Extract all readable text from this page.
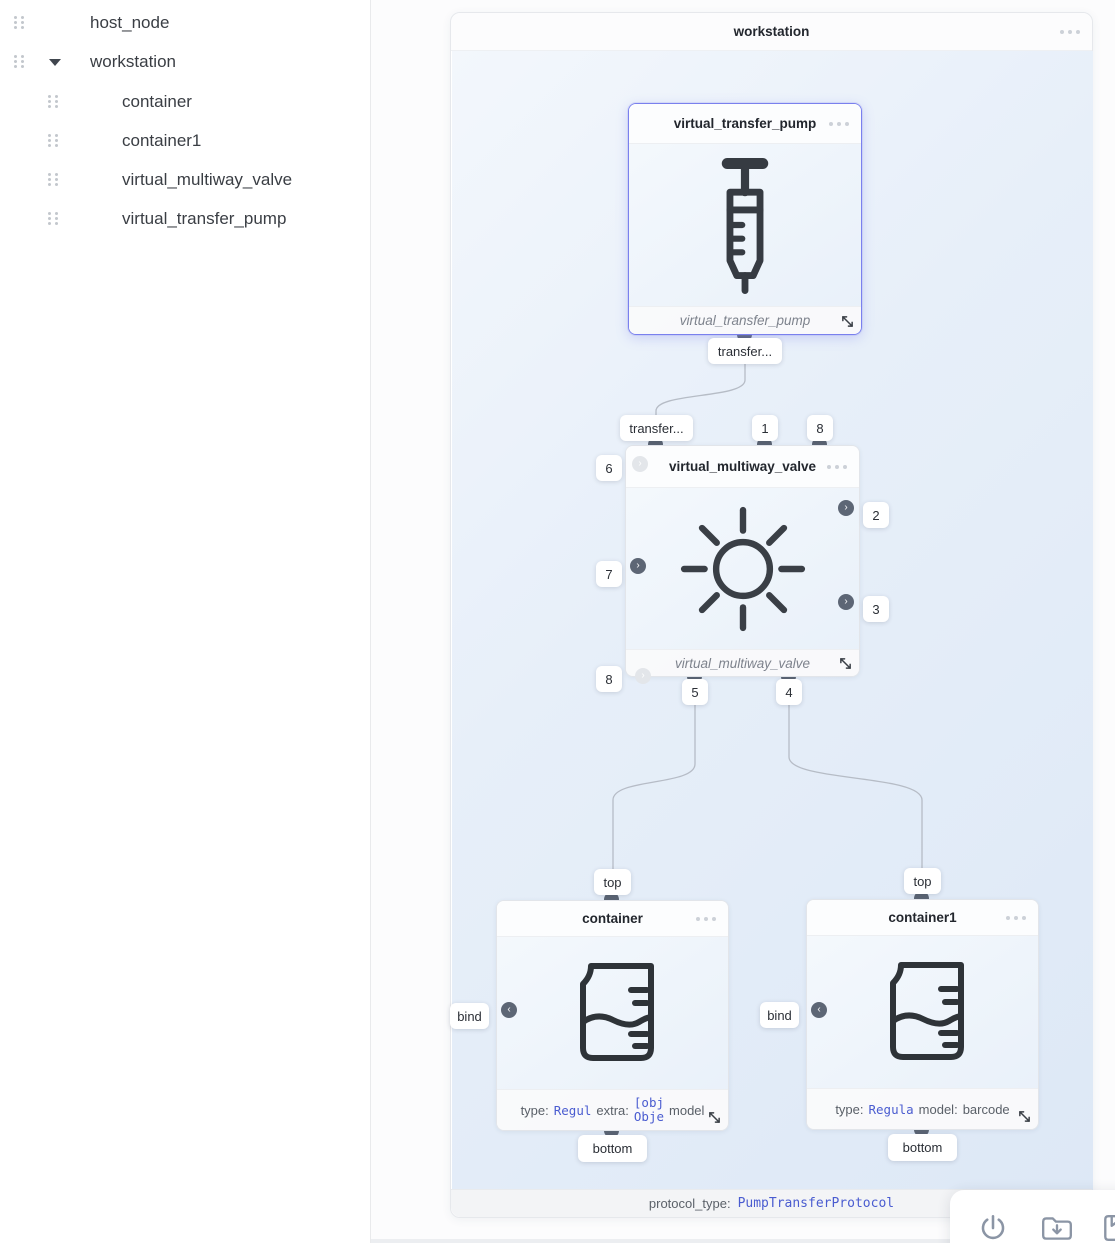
host_node
workstation
container
container1
virtual_multiway_valve
virtual_transfer_pump
workstation
protocol_type: PumpTransferProtocol
virtual_transfer_pump
virtual_transfer_pump
virtual_multiway_valve
virtual_multiway_valve
container
type: Regul extra:
[obj
Obje model
container1
type: Regula model: barcode
›
›
›
›
›
‹	‹
transfer...
transfer...	1	8
6
7
8
2
3
5	4
top
bind
bottom
top
bind
bottom
